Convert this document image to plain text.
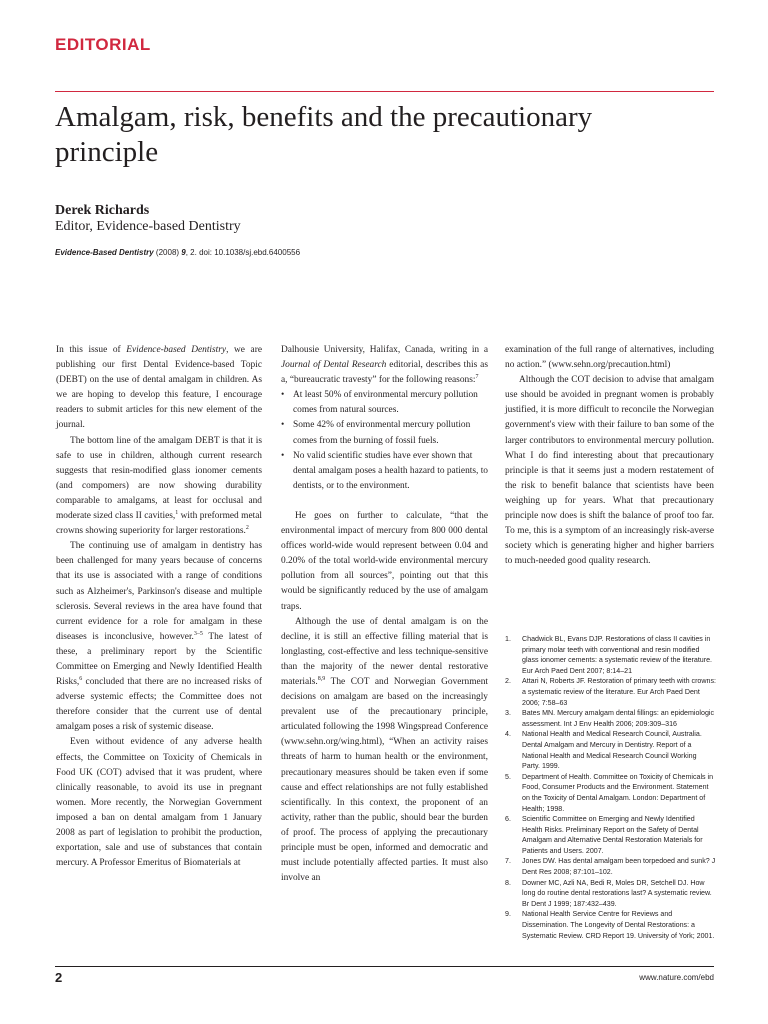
EDITORIAL
Amalgam, risk, benefits and the precautionary principle
Derek Richards
Editor, Evidence-based Dentistry
Evidence-Based Dentistry (2008) 9, 2. doi: 10.1038/sj.ebd.6400556

In this issue of Evidence-based Dentistry, we are publishing our first Dental Evidence-based Topic (DEBT) on the use of dental amalgam in children. As we are hoping to develop this feature, I encourage readers to submit articles for this new element of the journal.

The bottom line of the amalgam DEBT is that it is safe to use in children, although current research suggests that resin-modified glass ionomer cements (and compomers) are now showing durability comparable to amalgams, at least for occlusal and moderate sized class II cavities,$^1$ with preformed metal crowns showing superiority for larger restorations.$^2$

The continuing use of amalgam in dentistry has been challenged for many years because of concerns that its use is associated with a range of conditions such as Alzheimer's, Parkinson's disease and multiple sclerosis. Several reviews in the area have found that current evidence for a role for amalgam in these diseases is inconclusive, however.$^{3-5}$ The latest of these, a preliminary report by the Scientific Committee on Emerging and Newly Identified Health Risks,$^6$ concluded that there are no increased risks of adverse systemic effects; the Committee does not therefore consider that the current use of dental amalgam poses a risk of systemic disease.

Even without evidence of any adverse health effects, the Committee on Toxicity of Chemicals in Food UK (COT) advised that it was prudent, where clinically reasonable, to avoid its use in pregnant women. More recently, the Norwegian Government imposed a ban on dental amalgam from 1 January 2008 as part of legislation to prohibit the production, exportation, sale and use of substances that contain mercury. A Professor Emeritus of Biomaterials at

Dalhousie University, Halifax, Canada, writing in a Journal of Dental Research editorial, describes this as a, “bureaucratic travesty” for the following reasons:$^7$

• At least 50% of environmental mercury pollution comes from natural sources.
• Some 42% of environmental mercury pollution comes from the burning of fossil fuels.
• No valid scientific studies have ever shown that dental amalgam poses a health hazard to patients, to dentists, or to the environment.

He goes on further to calculate, “that the environmental impact of mercury from 800 000 dental offices world-wide would represent between 0.04 and 0.20% of the total world-wide environmental mercury pollution from all sources”, pointing out that this would be significantly reduced by the use of amalgam traps.

Although the use of dental amalgam is on the decline, it is still an effective filling material that is longlasting, cost-effective and less technique-sensitive than the majority of the newer dental restorative materials.$^{8,9}$ The COT and Norwegian Government decisions on amalgam are based on the increasingly prevalent use of the precautionary principle, articulated following the 1998 Wingspread Conference (www.sehn.org/wing.html), “When an activity raises threats of harm to human health or the environment, precautionary measures should be taken even if some cause and effect relationships are not fully established scientifically. In this context, the proponent of an activity, rather than the public, should bear the burden of proof. The process of applying the precautionary principle must be open, informed and democratic and must include potentially affected parties. It must also involve an

examination of the full range of alternatives, including no action.” (www.sehn.org/precaution.html)

Although the COT decision to advise that amalgam use should be avoided in pregnant women is probably justified, it is more difficult to reconcile the Norwegian government's view with their failure to ban some of the larger contributors to environmental mercury pollution. What I do find interesting about that precautionary principle is that it seems just a modern restatement of the risk to benefit balance that scientists have been weighing up for years. What that precautionary principle now does is shift the balance of proof too far. To me, this is a symptom of an increasingly risk-averse society which is generating higher and higher barriers to much-needed good quality research.

1. Chadwick BL, Evans DJP. Restorations of class II cavities in primary molar teeth with conventional and resin modified glass ionomer cements: a systematic review of the literature. Eur Arch Paed Dent 2007; 8:14–21
2. Attari N, Roberts JF. Restoration of primary teeth with crowns: a systematic review of the literature. Eur Arch Paed Dent 2006; 7:58–63
3. Bates MN. Mercury amalgam dental fillings: an epidemiologic assessment. Int J Env Health 2006; 209:309–316
4. National Health and Medical Research Council, Australia. Dental Amalgam and Mercury in Dentistry. Report of a National Health and Medical Research Council Working Party. 1999.
5. Department of Health. Committee on Toxicity of Chemicals in Food, Consumer Products and the Environment. Statement on the Toxicity of Dental Amalgam. London: Department of Health; 1998.
6. Scientific Committee on Emerging and Newly Identified Health Risks. Preliminary Report on the Safety of Dental Amalgam and Alternative Dental Restoration Materials for Patients and Users. 2007.
7. Jones DW. Has dental amalgam been torpedoed and sunk? J Dent Res 2008; 87:101–102.
8. Downer MC, Azli NA, Bedi R, Moles DR, Setchell DJ. How long do routine dental restorations last? A systematic review. Br Dent J 1999; 187:432–439.
9. National Health Service Centre for Reviews and Dissemination. The Longevity of Dental Restorations: a Systematic Review. CRD Report 19. University of York; 2001.
2	www.nature.com/ebd
